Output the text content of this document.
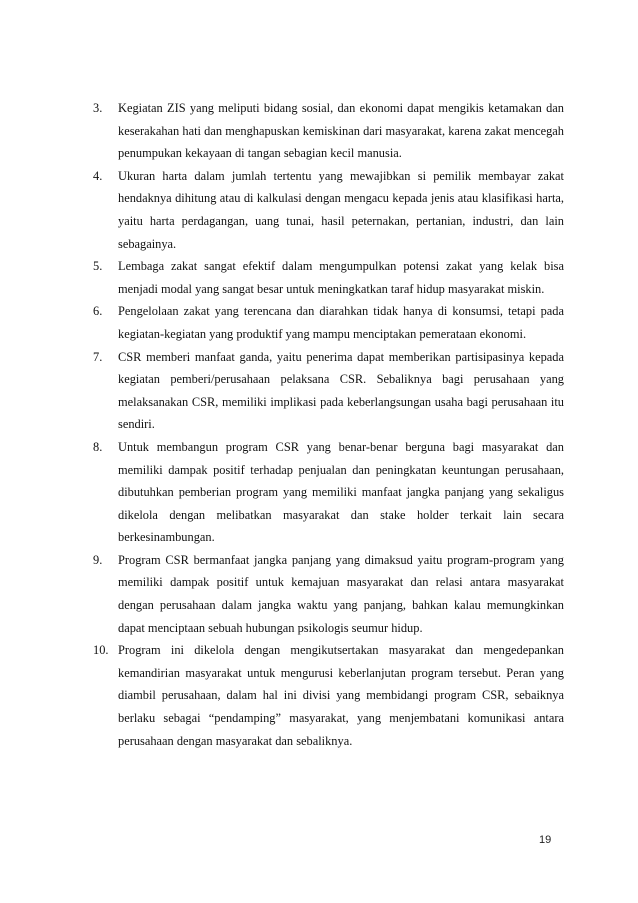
3. Kegiatan ZIS yang meliputi bidang sosial, dan ekonomi dapat mengikis ketamakan dan keserakahan hati dan menghapuskan kemiskinan dari masyarakat, karena zakat mencegah penumpukan kekayaan di tangan sebagian kecil manusia.
4. Ukuran harta dalam jumlah tertentu yang mewajibkan si pemilik membayar zakat hendaknya dihitung atau di kalkulasi dengan mengacu kepada jenis atau klasifikasi harta, yaitu harta perdagangan, uang tunai, hasil peternakan, pertanian, industri, dan lain sebagainya.
5. Lembaga zakat sangat efektif dalam mengumpulkan potensi zakat yang kelak bisa menjadi modal yang sangat besar untuk meningkatkan taraf hidup masyarakat miskin.
6. Pengelolaan zakat yang terencana dan diarahkan tidak hanya di konsumsi, tetapi pada kegiatan-kegiatan yang produktif yang mampu menciptakan pemerataan ekonomi.
7. CSR memberi manfaat ganda, yaitu penerima dapat memberikan partisipasinya kepada kegiatan pemberi/perusahaan pelaksana CSR. Sebaliknya bagi perusahaan yang melaksanakan CSR, memiliki implikasi pada keberlangsungan usaha bagi perusahaan itu sendiri.
8. Untuk membangun program CSR yang benar-benar berguna bagi masyarakat dan memiliki dampak positif terhadap penjualan dan peningkatan keuntungan perusahaan, dibutuhkan pemberian program yang memiliki manfaat jangka panjang yang sekaligus dikelola dengan melibatkan masyarakat dan stake holder terkait lain secara berkesinambungan.
9. Program CSR bermanfaat jangka panjang yang dimaksud yaitu program-program yang memiliki dampak positif untuk kemajuan masyarakat dan relasi antara masyarakat dengan perusahaan dalam jangka waktu yang panjang, bahkan kalau memungkinkan dapat menciptaan sebuah hubungan psikologis seumur hidup.
10. Program ini dikelola dengan mengikutsertakan masyarakat dan mengedepankan kemandirian masyarakat untuk mengurusi keberlanjutan program tersebut. Peran yang diambil perusahaan, dalam hal ini divisi yang membidangi program CSR, sebaiknya berlaku sebagai “pendamping” masyarakat, yang menjembatani komunikasi antara perusahaan dengan masyarakat dan sebaliknya.
19
